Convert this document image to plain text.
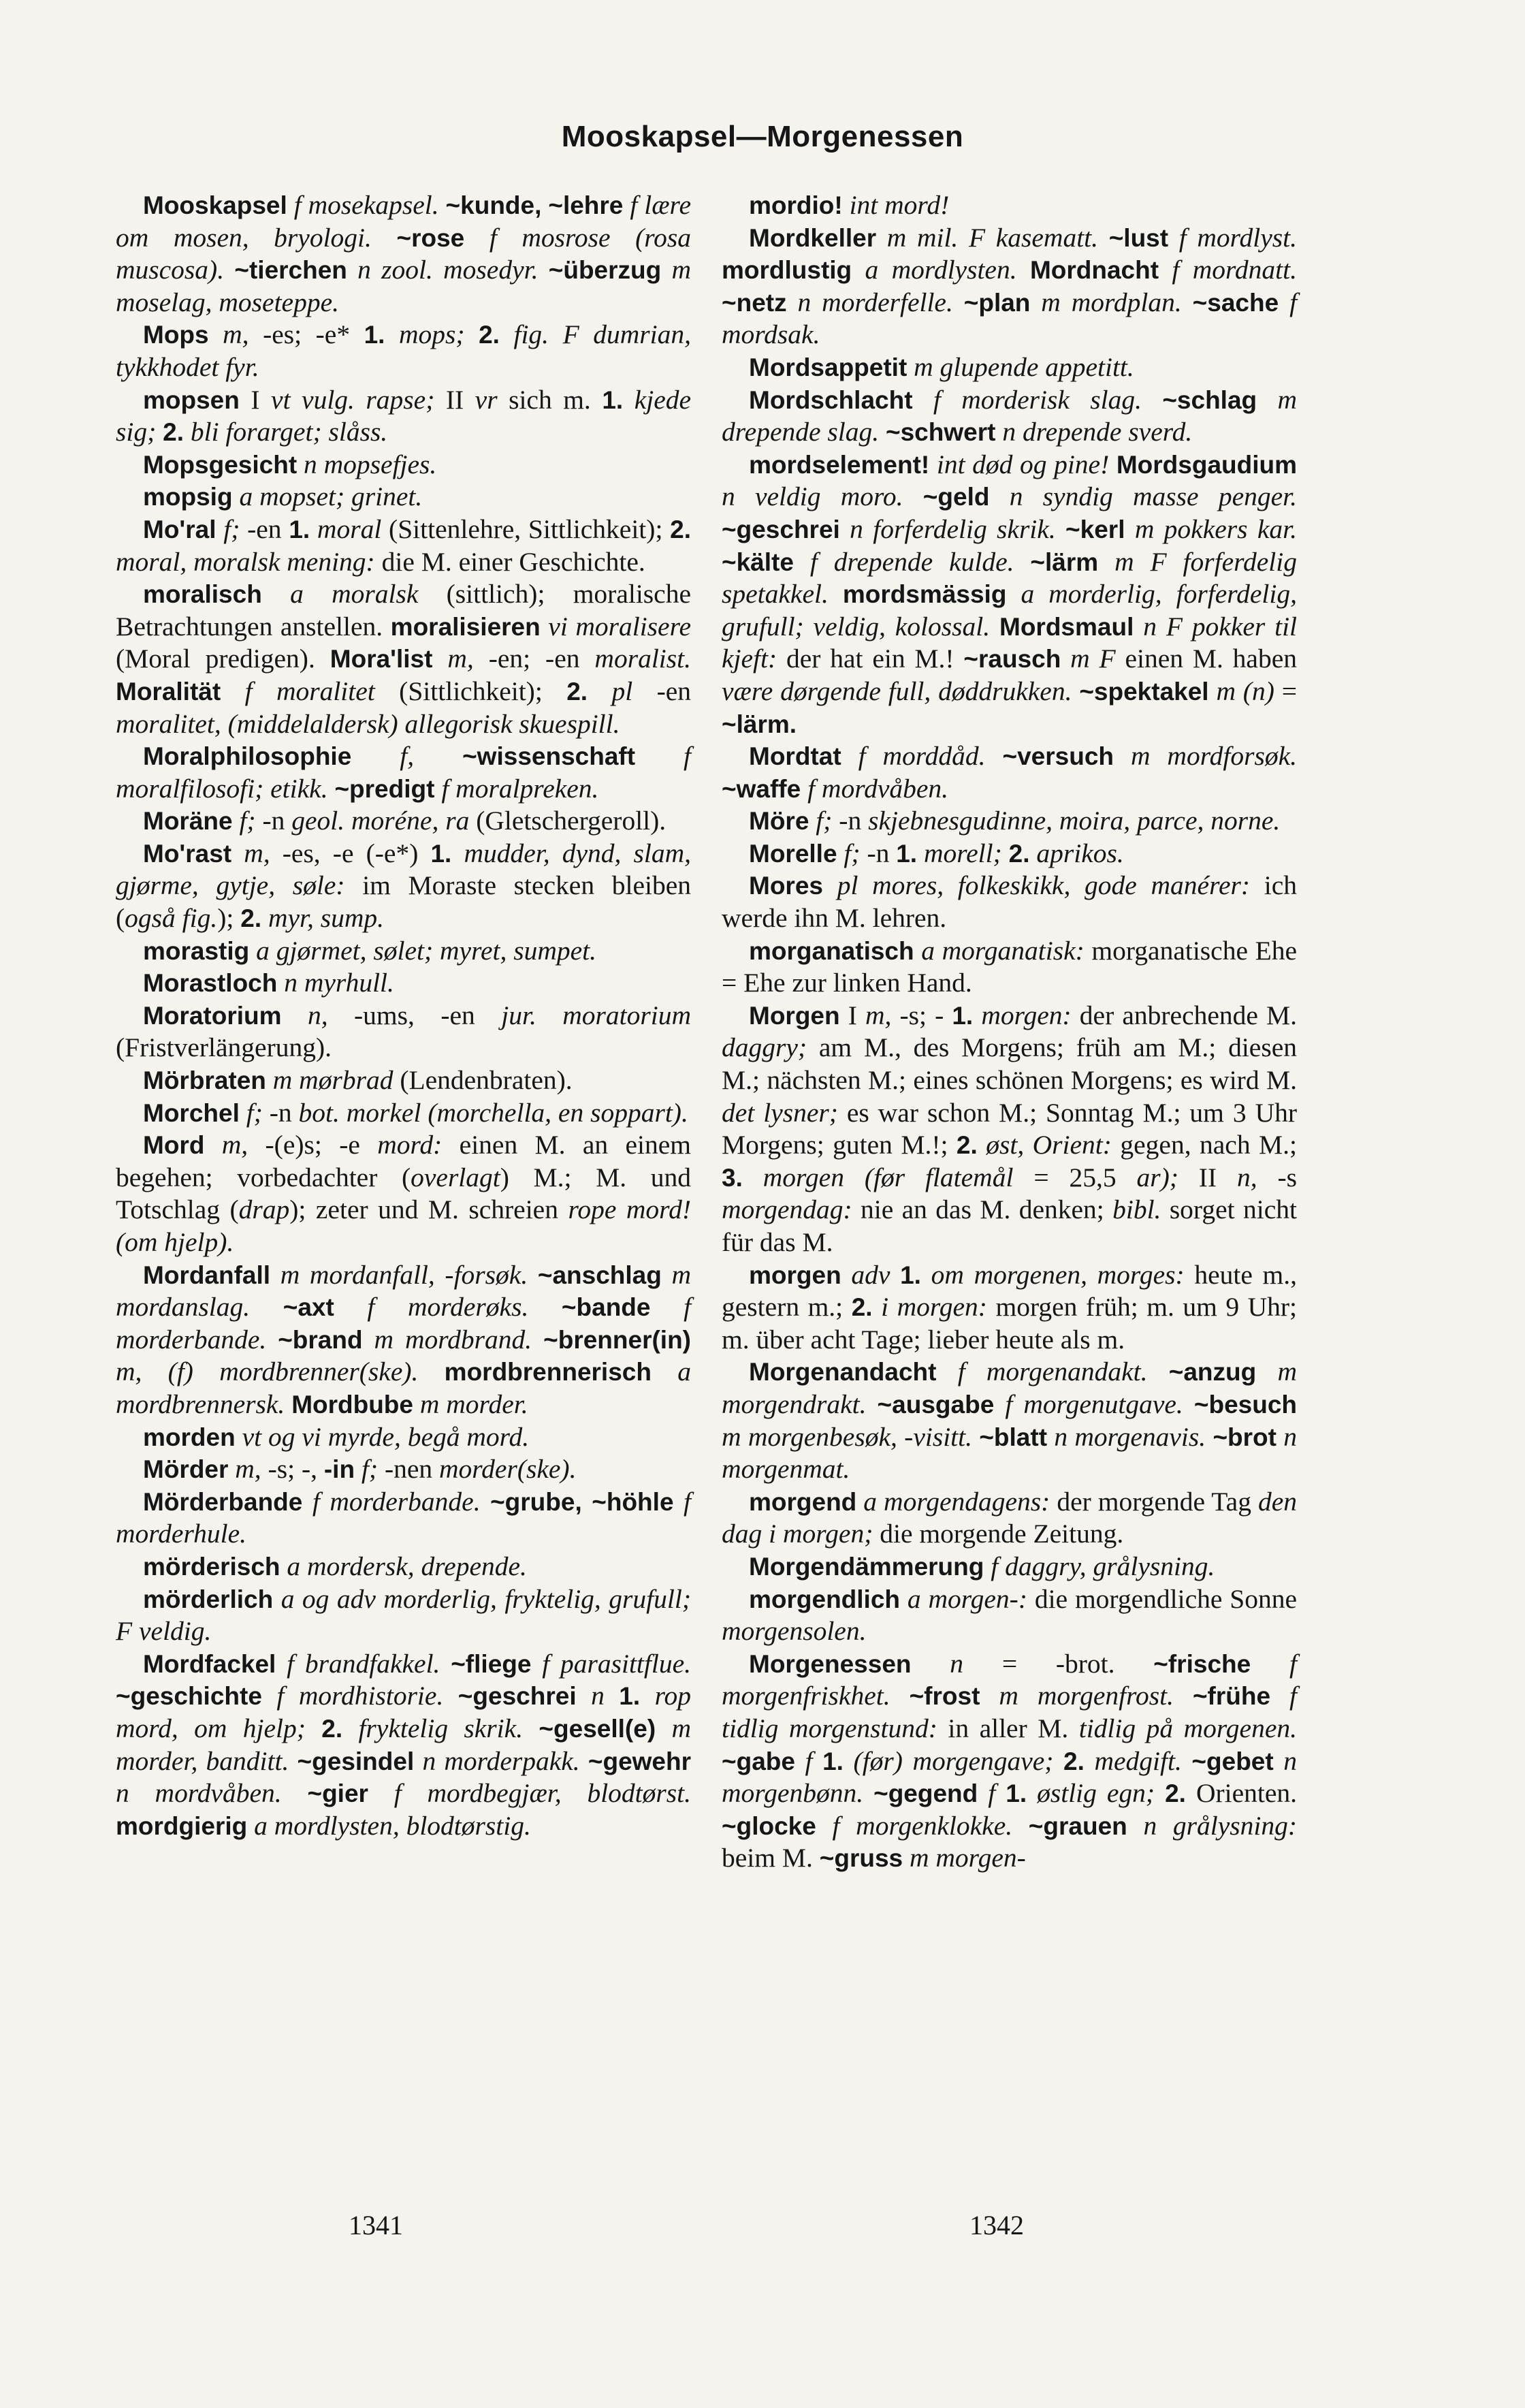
Mooskapsel—Morgenessen

Mooskapsel f mosekapsel. ~kunde, ~lehre f lære om mosen, bryologi. ~rose f mosrose (rosa muscosa). ~tierchen n zool. mosedyr. ~überzug m moselag, moseteppe.

Mops m, -es; -e* 1. mops; 2. fig. F dumrian, tykkhodet fyr.

mopsen I vt vulg. rapse; II vr sich m. 1. kjede sig; 2. bli forarget; slåss.

Mopsgesicht n mopsefjes.

mopsig a mopset; grinet.

Mo'ral f; -en 1. moral (Sittenlehre, Sittlichkeit); 2. moral, moralsk mening: die M. einer Geschichte.

moralisch a moralsk (sittlich); moralische Betrachtungen anstellen. moralisieren vi moralisere (Moral predigen). Mora'list m, -en; -en moralist. Moralität f moralitet (Sittlichkeit); 2. pl -en moralitet, (middelaldersk) allegorisk skuespill.

Moralphilosophie f, ~wissenschaft f moralfilosofi; etikk. ~predigt f moralpreken.

Moräne f; -n geol. moréne, ra (Gletschergeroll).

Mo'rast m, -es, -e (-e*) 1. mudder, dynd, slam, gjørme, gytje, søle: im Moraste stecken bleiben (også fig.); 2. myr, sump.

morastig a gjørmet, sølet; myret, sumpet.

Morastloch n myrhull.

Moratorium n, -ums, -en jur. moratorium (Fristverlängerung).

Mörbraten m mørbrad (Lendenbraten).

Morchel f; -n bot. morkel (morchella, en soppart).

Mord m, -(e)s; -e mord: einen M. an einem begehen; vorbedachter (overlagt) M.; M. und Totschlag (drap); zeter und M. schreien rope mord! (om hjelp).

Mordanfall m mordanfall, -forsøk. ~anschlag m mordanslag. ~axt f morderøks. ~bande f morderbande. ~brand m mordbrand. ~brenner(in) m, (f) mordbrenner(ske). mordbrennerisch a mordbrennersk. Mordbube m morder.

morden vt og vi myrde, begå mord.

Mörder m, -s; -, -in f; -nen morder(ske).

Mörderbande f morderbande. ~grube, ~höhle f morderhule.

mörderisch a mordersk, drepende.

mörderlich a og adv morderlig, fryktelig, grufull; F veldig.

Mordfackel f brandfakkel. ~fliege f parasittflue. ~geschichte f mordhistorie. ~geschrei n 1. rop mord, om hjelp; 2. fryktelig skrik. ~gesell(e) m morder, banditt. ~gesindel n morderpakk. ~gewehr n mordvåben. ~gier f mordbegjær, blodtørst. mordgierig a mordlysten, blodtørstig.

mordio! int mord!

Mordkeller m mil. F kasematt. ~lust f mordlyst. mordlustig a mordlysten. Mordnacht f mordnatt. ~netz n morderfelle. ~plan m mordplan. ~sache f mordsak.

Mordsappetit m glupende appetitt.

Mordschlacht f morderisk slag. ~schlag m drepende slag. ~schwert n drepende sverd.

mordselement! int død og pine! Mordsgaudium n veldig moro. ~geld n syndig masse penger. ~geschrei n forferdelig skrik. ~kerl m pokkers kar. ~kälte f drepende kulde. ~lärm m F forferdelig spetakkel. mordsmässig a morderlig, forferdelig, grufull; veldig, kolossal. Mordsmaul n F pokker til kjeft: der hat ein M.! ~rausch m F einen M. haben være dørgende full, døddrukken. ~spektakel m (n) = ~lärm.

Mordtat f morddåd. ~versuch m mordforsøk. ~waffe f mordvåben.

Möre f; -n skjebnesgudinne, moira, parce, norne.

Morelle f; -n 1. morell; 2. aprikos.

Mores pl mores, folkeskikk, gode manérer: ich werde ihn M. lehren.

morganatisch a morganatisk: morganatische Ehe = Ehe zur linken Hand.

Morgen I m, -s; - 1. morgen: der anbrechende M. daggry; am M., des Morgens; früh am M.; diesen M.; nächsten M.; eines schönen Morgens; es wird M. det lysner; es war schon M.; Sonntag M.; um 3 Uhr Morgens; guten M.!; 2. øst, Orient: gegen, nach M.; 3. morgen (før flatemål = 25,5 ar); II n, -s morgendag: nie an das M. denken; bibl. sorget nicht für das M.

morgen adv 1. om morgenen, morges: heute m., gestern m.; 2. i morgen: morgen früh; m. um 9 Uhr; m. über acht Tage; lieber heute als m.

Morgenandacht f morgenandakt. ~anzug m morgendrakt. ~ausgabe f morgenutgave. ~besuch m morgenbesøk, -visitt. ~blatt n morgenavis. ~brot n morgenmat.

morgend a morgendagens: der morgende Tag den dag i morgen; die morgende Zeitung.

Morgendämmerung f daggry, grålysning.

morgendlich a morgen-: die morgendliche Sonne morgensolen.

Morgenessen n = -brot. ~frische f morgenfriskhet. ~frost m morgenfrost. ~frühe f tidlig morgenstund: in aller M. tidlig på morgenen. ~gabe f 1. (før) morgengave; 2. medgift. ~gebet n morgenbønn. ~gegend f 1. østlig egn; 2. Orienten. ~glocke f morgenklokke. ~grauen n grålysning: beim M. ~gruss m morgen-

1341	1342
